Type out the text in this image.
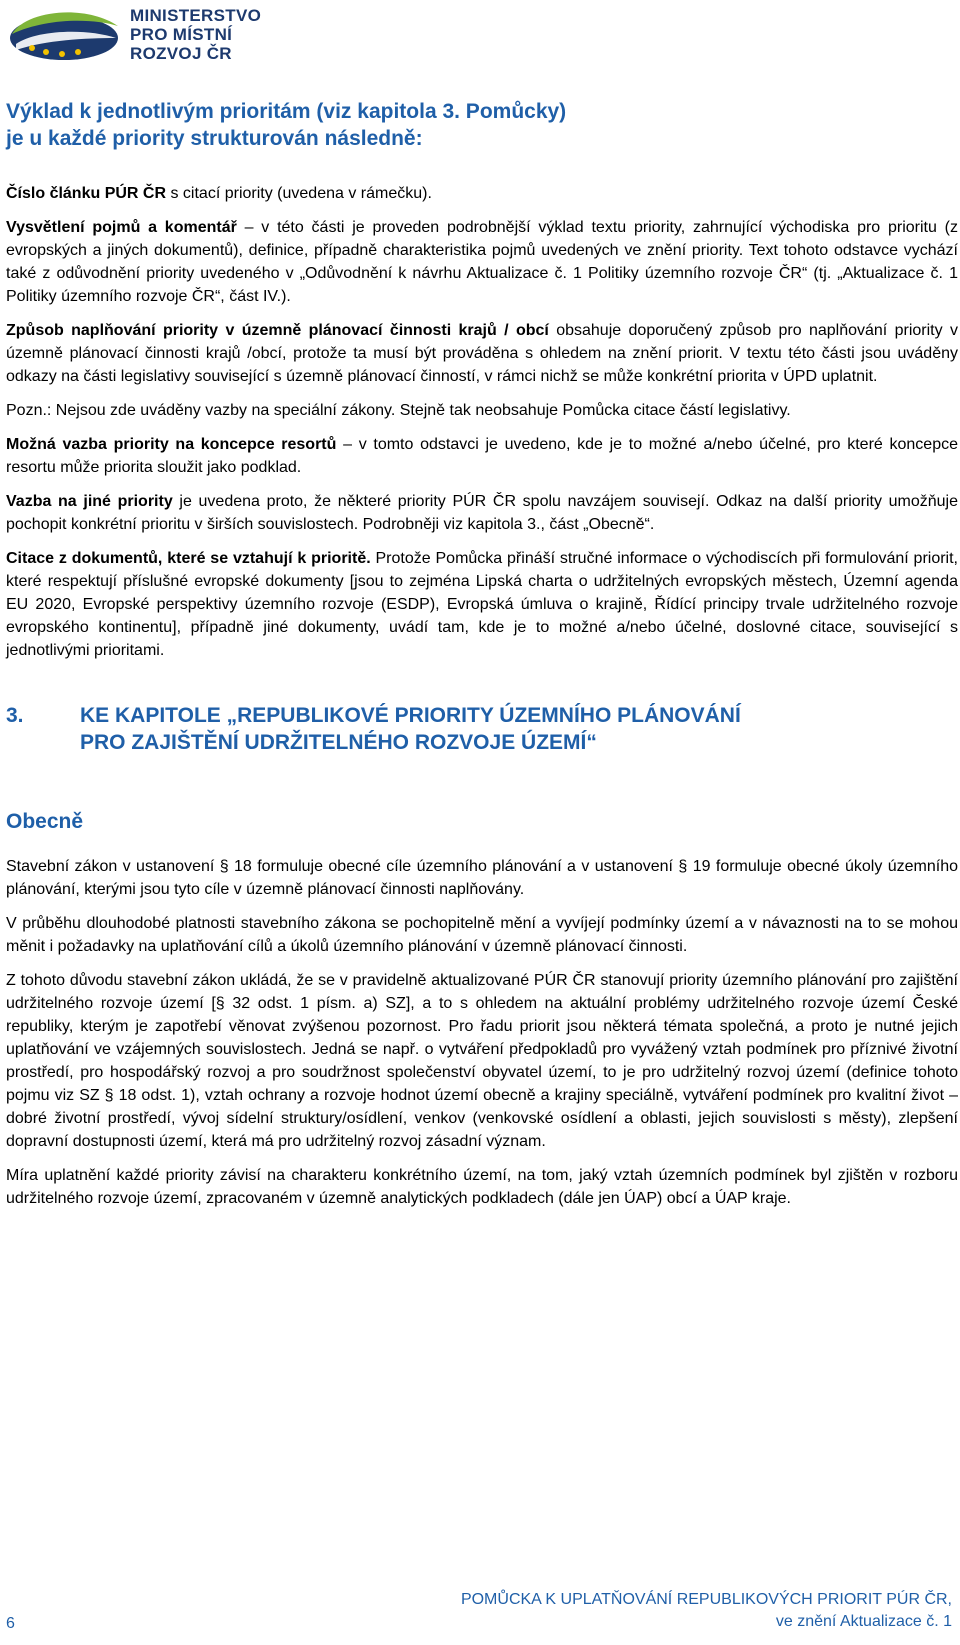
MINISTERSTVO
PRO MÍSTNÍ
ROZVOJ ČR
Výklad k jednotlivým prioritám (viz kapitola 3. Pomůcky)
je u každé priority strukturován následně:

Číslo článku PÚR ČR s citací priority (uvedena v rámečku).

Vysvětlení pojmů a komentář – v této části je proveden podrobnější výklad textu priority, zahrnující východiska pro prioritu (z evropských a jiných dokumentů), definice, případně charakteristika pojmů uvedených ve znění priority. Text tohoto odstavce vychází také z odůvodnění priority uvedeného v „Odůvodnění k návrhu Aktualizace č. 1 Politiky územního rozvoje ČR“ (tj. „Aktualizace č. 1 Politiky územního rozvoje ČR“, část IV.).

Způsob naplňování priority v územně plánovací činnosti krajů / obcí obsahuje doporučený způsob pro naplňování priority v územně plánovací činnosti krajů /obcí, protože ta musí být prováděna s ohledem na znění priorit. V textu této části jsou uváděny odkazy na části legislativy související s územně plánovací činností, v rámci nichž se může konkrétní priorita v ÚPD uplatnit.

Pozn.: Nejsou zde uváděny vazby na speciální zákony. Stejně tak neobsahuje Pomůcka citace částí legislativy.

Možná vazba priority na koncepce resortů – v tomto odstavci je uvedeno, kde je to možné a/nebo účelné, pro které koncepce resortu může priorita sloužit jako podklad.

Vazba na jiné priority je uvedena proto, že některé priority PÚR ČR spolu navzájem souvisejí. Odkaz na další priority umožňuje pochopit konkrétní prioritu v širších souvislostech. Podrobněji viz kapitola 3., část „Obecně“.

Citace z dokumentů, které se vztahují k prioritě. Protože Pomůcka přináší stručné informace o východiscích při formulování priorit, které respektují příslušné evropské dokumenty [jsou to zejména Lipská charta o udržitelných evropských městech, Územní agenda EU 2020, Evropské perspektivy územního rozvoje (ESDP), Evropská úmluva o krajině, Řídící principy trvale udržitelného rozvoje evropského kontinentu], případně jiné dokumenty, uvádí tam, kde je to možné a/nebo účelné, doslovné citace, související s jednotlivými prioritami.

3.	KE KAPITOLE „REPUBLIKOVÉ PRIORITY ÚZEMNÍHO PLÁNOVÁNÍ
PRO ZAJIŠTĚNÍ UDRŽITELNÉHO ROZVOJE ÚZEMÍ“
Obecně

Stavební zákon v ustanovení § 18 formuluje obecné cíle územního plánování a v ustanovení § 19 formuluje obecné úkoly územního plánování, kterými jsou tyto cíle v územně plánovací činnosti naplňovány.

V průběhu dlouhodobé platnosti stavebního zákona se pochopitelně mění a vyvíjejí podmínky území a v návaznosti na to se mohou měnit i požadavky na uplatňování cílů a úkolů územního plánování v územně plánovací činnosti.

Z tohoto důvodu stavební zákon ukládá, že se v pravidelně aktualizované PÚR ČR stanovují priority územního plánování pro zajištění udržitelného rozvoje území [§ 32 odst. 1 písm. a) SZ], a to s ohledem na aktuální problémy udržitelného rozvoje území České republiky, kterým je zapotřebí věnovat zvýšenou pozornost. Pro řadu priorit jsou některá témata společná, a proto je nutné jejich uplatňování ve vzájemných souvislostech. Jedná se např. o vytváření předpokladů pro vyvážený vztah podmínek pro příznivé životní prostředí, pro hospodářský rozvoj a pro soudržnost společenství obyvatel území, to je pro udržitelný rozvoj území (definice tohoto pojmu viz SZ § 18 odst. 1), vztah ochrany a rozvoje hodnot území obecně a krajiny speciálně, vytváření podmínek pro kvalitní život – dobré životní prostředí, vývoj sídelní struktury/osídlení, venkov (venkovské osídlení a oblasti, jejich souvislosti s městy), zlepšení dopravní dostupnosti území, která má pro udržitelný rozvoj zásadní význam.

Míra uplatnění každé priority závisí na charakteru konkrétního území, na tom, jaký vztah územních podmínek byl zjištěn v rozboru udržitelného rozvoje území, zpracovaném v územně analytických podkladech (dále jen ÚAP) obcí a ÚAP kraje.

6
POMŮCKA K UPLATŇOVÁNÍ REPUBLIKOVÝCH PRIORIT PÚR ČR,
ve znění Aktualizace č. 1
